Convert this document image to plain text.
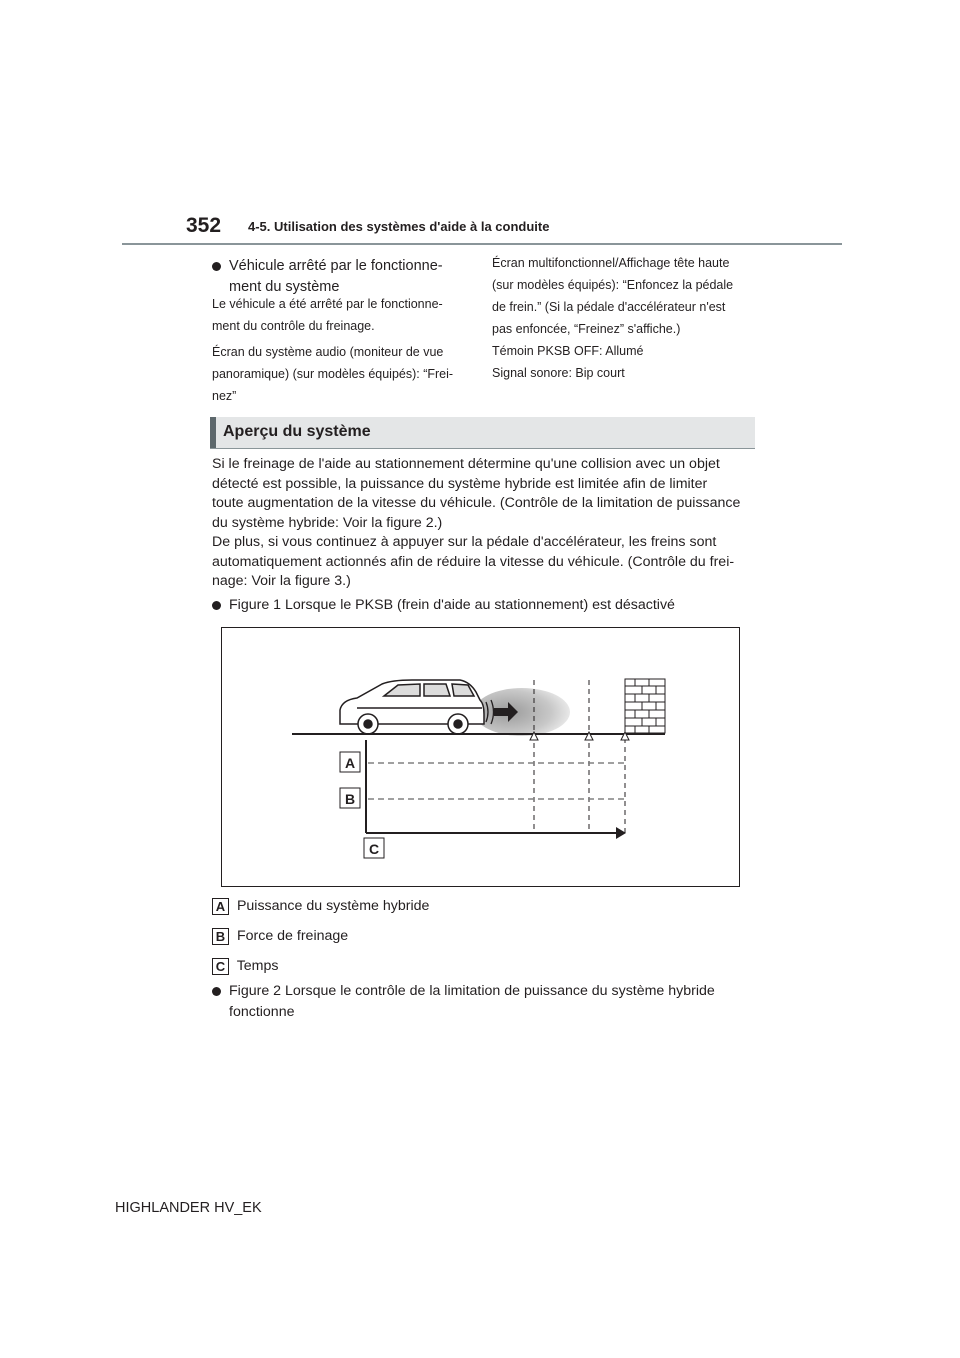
352 4-5. Utilisation des systèmes d'aide à la conduite
Véhicule arrêté par le fonctionne-
ment du système
Le véhicule a été arrêté par le fonctionne-
ment du contrôle du freinage.
Écran du système audio (moniteur de vue
panoramique) (sur modèles équipés): “Frei-
nez”
Écran multifonctionnel/Affichage tête haute
(sur modèles équipés): “Enfoncez la pédale
de frein.” (Si la pédale d'accélérateur n'est
pas enfoncée, “Freinez” s'affiche.)
Témoin PKSB OFF: Allumé
Signal sonore: Bip court
Aperçu du système
Si le freinage de l'aide au stationnement détermine qu'une collision avec un objet
détecté est possible, la puissance du système hybride est limitée afin de limiter
toute augmentation de la vitesse du véhicule. (Contrôle de la limitation de puissance
du système hybride: Voir la figure 2.)
De plus, si vous continuez à appuyer sur la pédale d'accélérateur, les freins sont
automatiquement actionnés afin de réduire la vitesse du véhicule. (Contrôle du frei-
nage: Voir la figure 3.)
Figure 1 Lorsque le PKSB (frein d'aide au stationnement) est désactivé
A
B
C
A Puissance du système hybride
B Force de freinage
C Temps
Figure 2 Lorsque le contrôle de la limitation de puissance du système hybride
fonctionne
HIGHLANDER HV_EK
